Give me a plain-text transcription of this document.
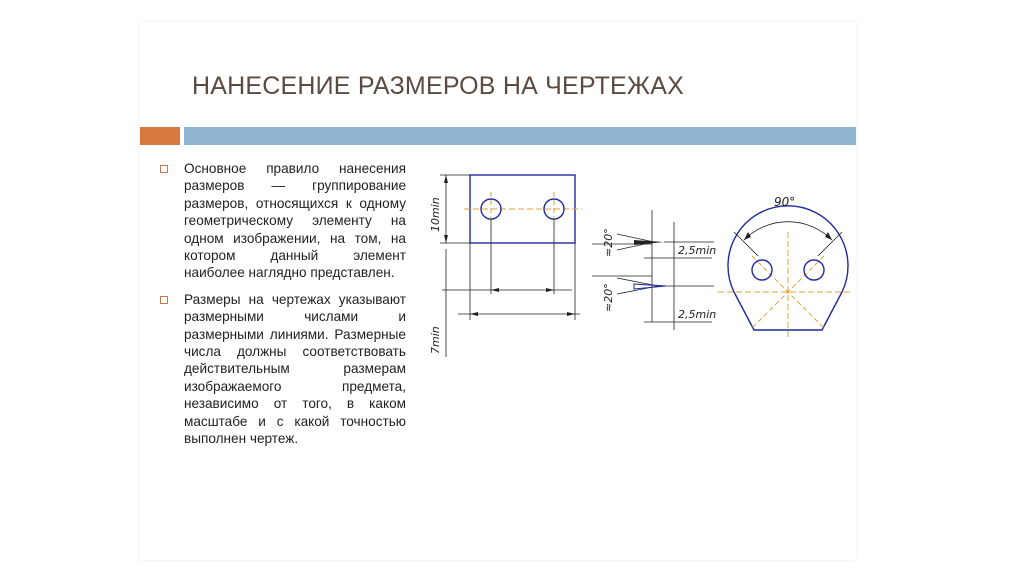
НАНЕСЕНИЕ РАЗМЕРОВ НА ЧЕРТЕЖАХ
Основное правило нанесения размеров — группирование размеров, относящихся к одному геометрическому элементу на одном изображении, на том, на котором данный элемент наиболее наглядно представлен.
Размеры на чертежах указывают размерными числами и размерными линиями. Размерные числа должны соответствовать действительным размерам изображаемого предмета, независимо от того, в каком масштабе и с какой точностью выполнен чертеж.
10min
7min
≈20°
≈20°
2,5min
2,5min
90°
